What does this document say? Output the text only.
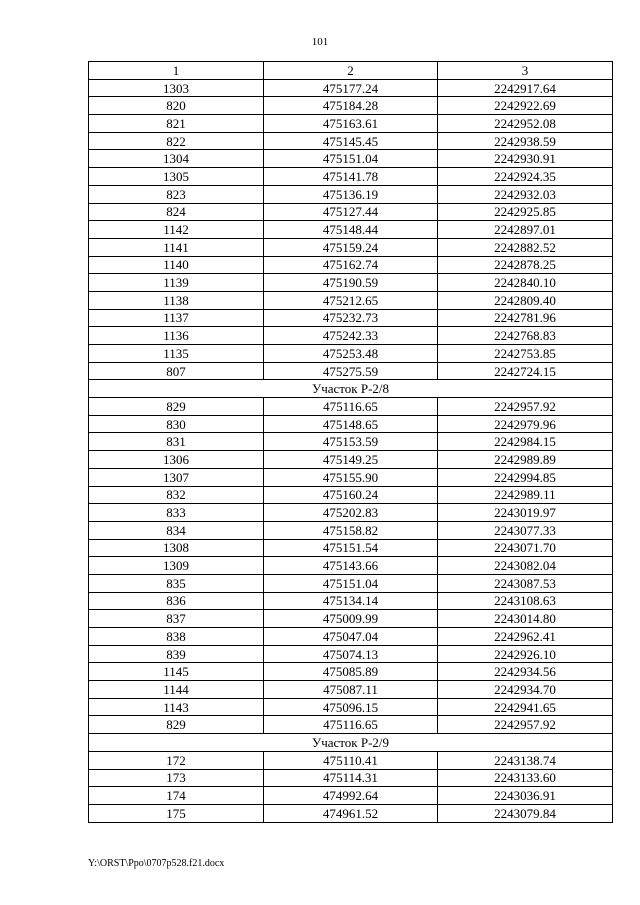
101
1	2	3
1303	475177.24	2242917.64
820	475184.28	2242922.69
821	475163.61	2242952.08
822	475145.45	2242938.59
1304	475151.04	2242930.91
1305	475141.78	2242924.35
823	475136.19	2242932.03
824	475127.44	2242925.85
1142	475148.44	2242897.01
1141	475159.24	2242882.52
1140	475162.74	2242878.25
1139	475190.59	2242840.10
1138	475212.65	2242809.40
1137	475232.73	2242781.96
1136	475242.33	2242768.83
1135	475253.48	2242753.85
807	475275.59	2242724.15
Участок Р-2/8		
829	475116.65	2242957.92
830	475148.65	2242979.96
831	475153.59	2242984.15
1306	475149.25	2242989.89
1307	475155.90	2242994.85
832	475160.24	2242989.11
833	475202.83	2243019.97
834	475158.82	2243077.33
1308	475151.54	2243071.70
1309	475143.66	2243082.04
835	475151.04	2243087.53
836	475134.14	2243108.63
837	475009.99	2243014.80
838	475047.04	2242962.41
839	475074.13	2242926.10
1145	475085.89	2242934.56
1144	475087.11	2242934.70
1143	475096.15	2242941.65
829	475116.65	2242957.92
Участок Р-2/9		
172	475110.41	2243138.74
173	475114.31	2243133.60
174	474992.64	2243036.91
175	474961.52	2243079.84
Y:\ORST\Ppo\0707p528.f21.docx
